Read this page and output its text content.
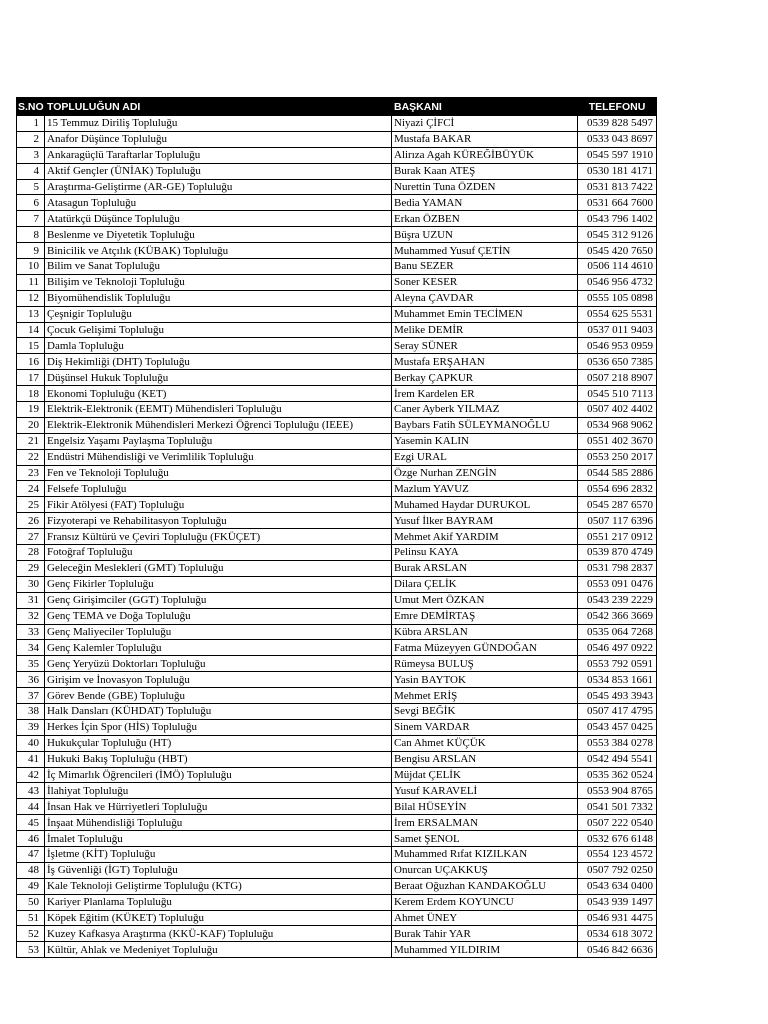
S.NO	TOPLULUĞUN ADI	BAŞKANI	TELEFONU
1	15 Temmuz Diriliş Topluluğu	Niyazi ÇİFCİ	0539 828 5497
2	Anafor Düşünce Topluluğu	Mustafa BAKAR	0533 043 8697
3	Ankaragüçlü Taraftarlar Topluluğu	Alirıza Agah KÜREĞİBÜYÜK	0545 597 1910
4	Aktif Gençler (ÜNİAK) Topluluğu	Burak Kaan ATEŞ	0530 181 4171
5	Araştırma-Geliştirme (AR-GE) Topluluğu	Nurettin Tuna ÖZDEN	0531 813 7422
6	Atasagun Topluluğu	Bedia YAMAN	0531 664 7600
7	Atatürkçü Düşünce Topluluğu	Erkan ÖZBEN	0543 796 1402
8	Beslenme ve Diyetetik Topluluğu	Büşra UZUN	0545 312 9126
9	Binicilik ve Atçılık (KÜBAK) Topluluğu	Muhammed Yusuf ÇETİN	0545 420 7650
10	Bilim ve Sanat Topluluğu	Banu SEZER	0506 114 4610
11	Bilişim ve Teknoloji Topluluğu	Soner KESER	0546 956 4732
12	Biyomühendislik Topluluğu	Aleyna ÇAVDAR	0555 105 0898
13	Çeşnigir Topluluğu	Muhammet Emin TECİMEN	0554 625 5531
14	Çocuk Gelişimi Topluluğu	Melike DEMİR	0537 011 9403
15	Damla Topluluğu	Seray SÜNER	0546 953 0959
16	Diş Hekimliği (DHT) Topluluğu	Mustafa ERŞAHAN	0536 650 7385
17	Düşünsel Hukuk Topluluğu	Berkay ÇAPKUR	0507 218 8907
18	Ekonomi Topluluğu (KET)	İrem Kardelen ER	0545 510 7113
19	Elektrik-Elektronik (EEMT) Mühendisleri Topluluğu	Caner Ayberk YILMAZ	0507 402 4402
20	Elektrik-Elektronik Mühendisleri Merkezi Öğrenci Topluluğu (IEEE)	Baybars Fatih SÜLEYMANOĞLU	0534 968 9062
21	Engelsiz Yaşamı Paylaşma Topluluğu	Yasemin KALIN	0551 402 3670
22	Endüstri Mühendisliği ve Verimlilik Topluluğu	Ezgi URAL	0553 250 2017
23	Fen ve Teknoloji Topluluğu	Özge Nurhan ZENGİN	0544 585 2886
24	Felsefe Topluluğu	Mazlum YAVUZ	0554 696 2832
25	Fikir Atölyesi (FAT) Topluluğu	Muhamed Haydar DURUKOL	0545 287 6570
26	Fizyoterapi ve Rehabilitasyon Topluluğu	Yusuf İlker BAYRAM	0507 117 6396
27	Fransız Kültürü ve Çeviri Topluluğu (FKÜÇET)	Mehmet Akif YARDIM	0551 217 0912
28	Fotoğraf Topluluğu	Pelinsu KAYA	0539 870 4749
29	Geleceğin Meslekleri (GMT) Topluluğu	Burak ARSLAN	0531 798 2837
30	Genç Fikirler Topluluğu	Dilara ÇELİK	0553 091 0476
31	Genç Girişimciler (GGT) Topluluğu	Umut Mert ÖZKAN	0543 239 2229
32	Genç TEMA ve Doğa Topluluğu	Emre DEMİRTAŞ	0542 366 3669
33	Genç Maliyeciler Topluluğu	Kübra ARSLAN	0535 064 7268
34	Genç Kalemler Topluluğu	Fatma Müzeyyen GÜNDOĞAN	0546 497 0922
35	Genç Yeryüzü Doktorları Topluluğu	Rümeysa BULUŞ	0553 792 0591
36	Girişim ve İnovasyon Topluluğu	Yasin BAYTOK	0534 853 1661
37	Görev Bende (GBE) Topluluğu	Mehmet ERİŞ	0545 493 3943
38	Halk Dansları (KÜHDAT) Topluluğu	Sevgi BEĞİK	0507 417 4795
39	Herkes İçin Spor (HİS) Topluluğu	Sinem VARDAR	0543 457 0425
40	Hukukçular Topluluğu (HT)	Can Ahmet KÜÇÜK	0553 384 0278
41	Hukuki Bakış Topluluğu (HBT)	Bengisu ARSLAN	0542 494 5541
42	İç Mimarlık Öğrencileri (İMÖ) Topluluğu	Müjdat ÇELİK	0535 362 0524
43	İlahiyat Topluluğu	Yusuf KARAVELİ	0553 904 8765
44	İnsan Hak ve Hürriyetleri Topluluğu	Bilal HÜSEYİN	0541 501 7332
45	İnşaat Mühendisliği Topluluğu	İrem ERSALMAN	0507 222 0540
46	İmalet Topluluğu	Samet ŞENOL	0532 676 6148
47	İşletme (KİT) Topluluğu	Muhammed Rıfat KIZILKAN	0554 123 4572
48	İş Güvenliği (İGT) Topluluğu	Onurcan UÇAKKUŞ	0507 792 0250
49	Kale Teknoloji Geliştirme Topluluğu (KTG)	Beraat Oğuzhan KANDAKOĞLU	0543 634 0400
50	Kariyer Planlama Topluluğu	Kerem Erdem KOYUNCU	0543 939 1497
51	Köpek Eğitim (KÜKET) Topluluğu	Ahmet ÜNEY	0546 931 4475
52	Kuzey Kafkasya Araştırma (KKÜ-KAF) Topluluğu	Burak Tahir YAR	0534 618 3072
53	Kültür, Ahlak ve Medeniyet Topluluğu	Muhammed YILDIRIM	0546 842 6636
